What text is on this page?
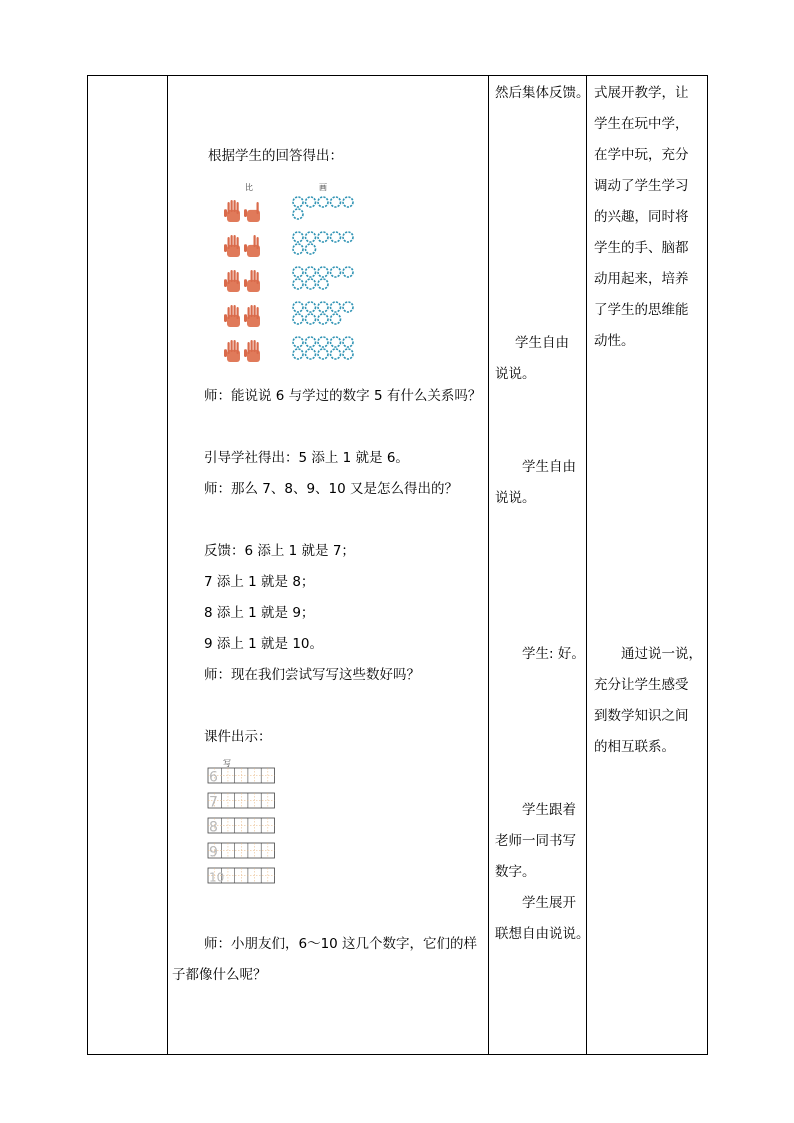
根据学生的回答得出：
比	画
师：能说说 6 与学过的数字 5 有什么关系吗？
引导学社得出：5 添上 1 就是 6。
师：那么 7、8、9、10 又是怎么得出的？
反馈：6 添上 1 就是 7；
7 添上 1 就是 8；
8 添上 1 就是 9；
9 添上 1 就是 10。
师：现在我们尝试写写这些数好吗？
课件出示：
写
6
7
8
9
10
师：小朋友们，6～10 这几个数字，它们的样
子都像什么呢？

然后集体反馈。
学生自由
说说。
学生自由
说说。
学生: 好。
学生跟着
老师一同书写
数字。
学生展开
联想自由说说。

式展开教学，让
学生在玩中学，
在学中玩，充分
调动了学生学习
的兴趣，同时将
学生的手、脑都
动用起来，培养
了学生的思维能
动性。
通过说一说，
充分让学生感受
到数学知识之间
的相互联系。
